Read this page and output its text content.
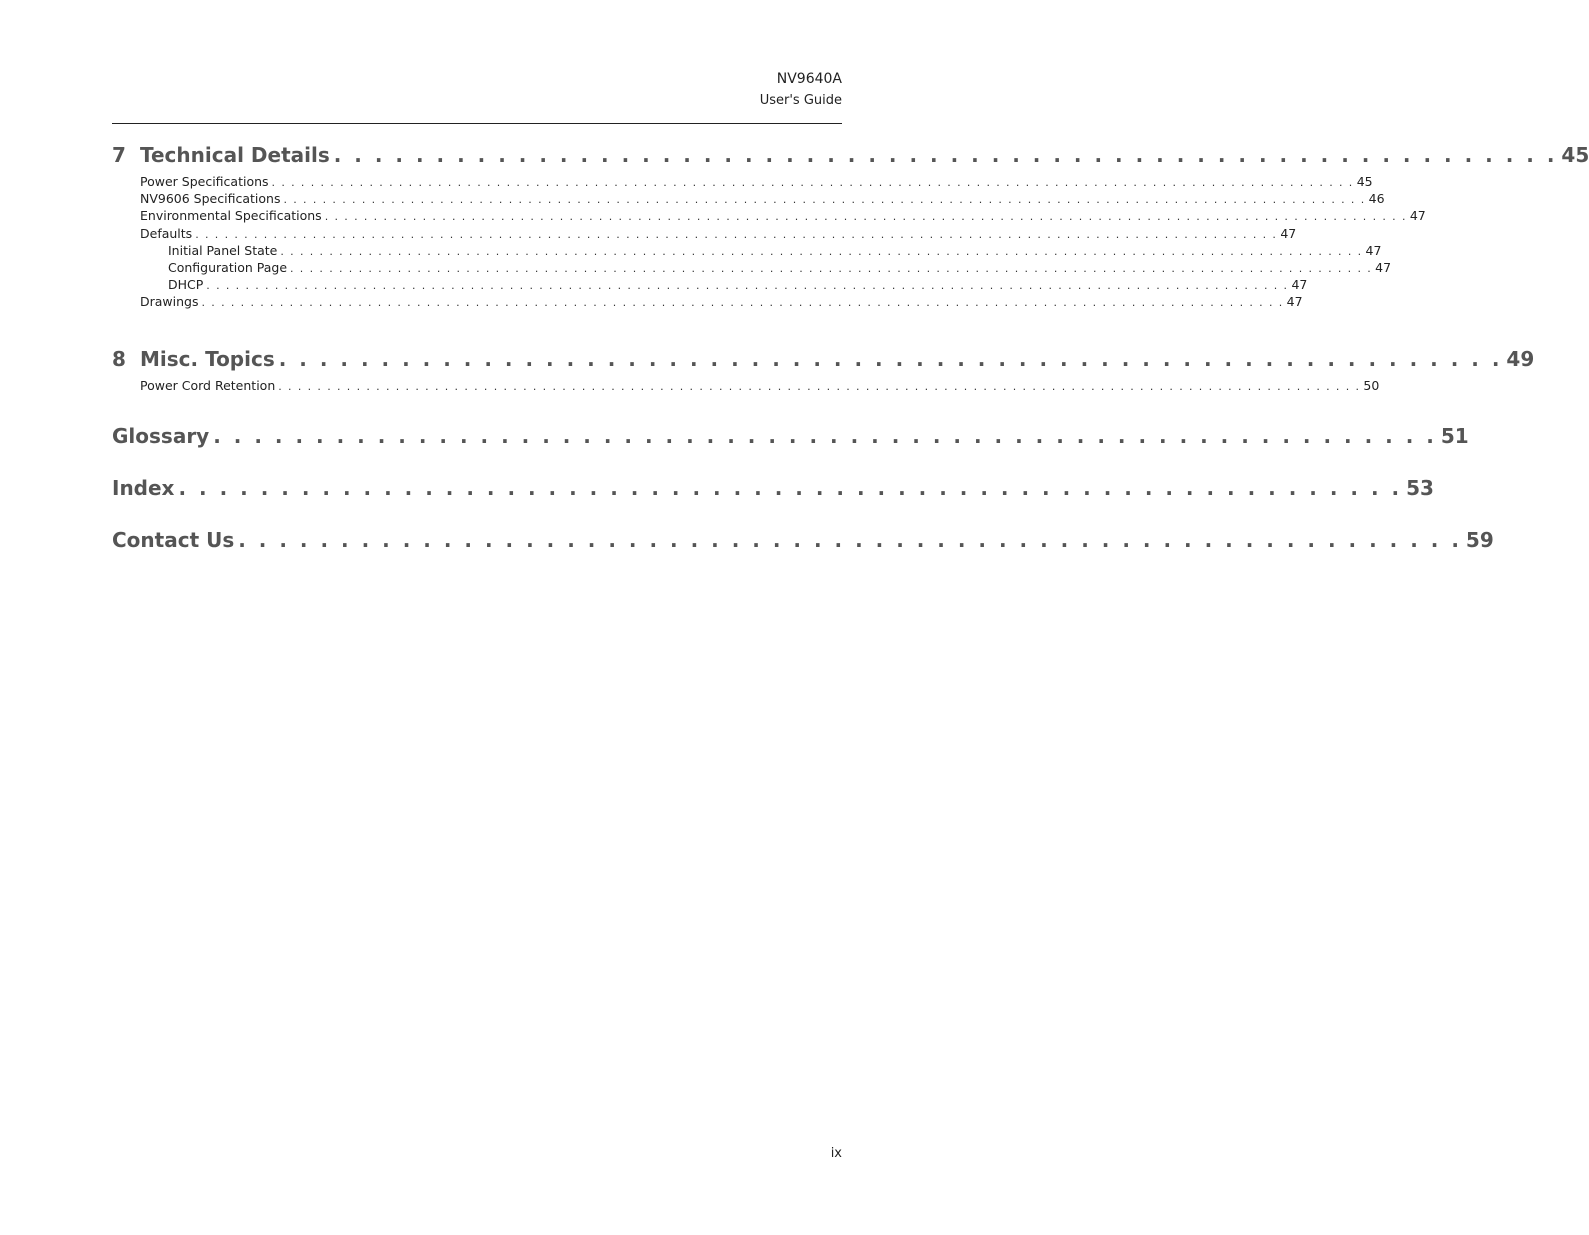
NV9640A
User's Guide
7 Technical Details . . . . . . . . . . . . . . . . . . . . . . . . . . . . . . . . . . . . . . . . . . . . . . . . . . . . . . . . . . . . 45
Power Specifications . . . . . . . . . . . . . . . . . . . . . . . . . . . . . . . . . . . . . . . . . . . . . . . . . . . . . . . . . . . . . . . . . . . . . . . . . . . . . . . . . . . . . . . . . . . . . . . . . . . . . . . . . . . . . . . 45
NV9606 Specifications . . . . . . . . . . . . . . . . . . . . . . . . . . . . . . . . . . . . . . . . . . . . . . . . . . . . . . . . . . . . . . . . . . . . . . . . . . . . . . . . . . . . . . . . . . . . . . . . . . . . . . . . . . . . . . . 46
Environmental Specifications . . . . . . . . . . . . . . . . . . . . . . . . . . . . . . . . . . . . . . . . . . . . . . . . . . . . . . . . . . . . . . . . . . . . . . . . . . . . . . . . . . . . . . . . . . . . . . . . . . . . . . . . . . . . . . . 47
Defaults . . . . . . . . . . . . . . . . . . . . . . . . . . . . . . . . . . . . . . . . . . . . . . . . . . . . . . . . . . . . . . . . . . . . . . . . . . . . . . . . . . . . . . . . . . . . . . . . . . . . . . . . . . . . . . . 47
Initial Panel State . . . . . . . . . . . . . . . . . . . . . . . . . . . . . . . . . . . . . . . . . . . . . . . . . . . . . . . . . . . . . . . . . . . . . . . . . . . . . . . . . . . . . . . . . . . . . . . . . . . . . . . . . . . . . . . 47
Configuration Page . . . . . . . . . . . . . . . . . . . . . . . . . . . . . . . . . . . . . . . . . . . . . . . . . . . . . . . . . . . . . . . . . . . . . . . . . . . . . . . . . . . . . . . . . . . . . . . . . . . . . . . . . . . . . . . 47
DHCP . . . . . . . . . . . . . . . . . . . . . . . . . . . . . . . . . . . . . . . . . . . . . . . . . . . . . . . . . . . . . . . . . . . . . . . . . . . . . . . . . . . . . . . . . . . . . . . . . . . . . . . . . . . . . . . 47
Drawings . . . . . . . . . . . . . . . . . . . . . . . . . . . . . . . . . . . . . . . . . . . . . . . . . . . . . . . . . . . . . . . . . . . . . . . . . . . . . . . . . . . . . . . . . . . . . . . . . . . . . . . . . . . . . . . 47
8 Misc. Topics . . . . . . . . . . . . . . . . . . . . . . . . . . . . . . . . . . . . . . . . . . . . . . . . . . . . . . . . . . . . 49
Power Cord Retention . . . . . . . . . . . . . . . . . . . . . . . . . . . . . . . . . . . . . . . . . . . . . . . . . . . . . . . . . . . . . . . . . . . . . . . . . . . . . . . . . . . . . . . . . . . . . . . . . . . . . . . . . . . . . . . 50
Glossary . . . . . . . . . . . . . . . . . . . . . . . . . . . . . . . . . . . . . . . . . . . . . . . . . . . . . . . . . . . . 51
Index . . . . . . . . . . . . . . . . . . . . . . . . . . . . . . . . . . . . . . . . . . . . . . . . . . . . . . . . . . . . 53
Contact Us . . . . . . . . . . . . . . . . . . . . . . . . . . . . . . . . . . . . . . . . . . . . . . . . . . . . . . . . . . . . 59
ix
